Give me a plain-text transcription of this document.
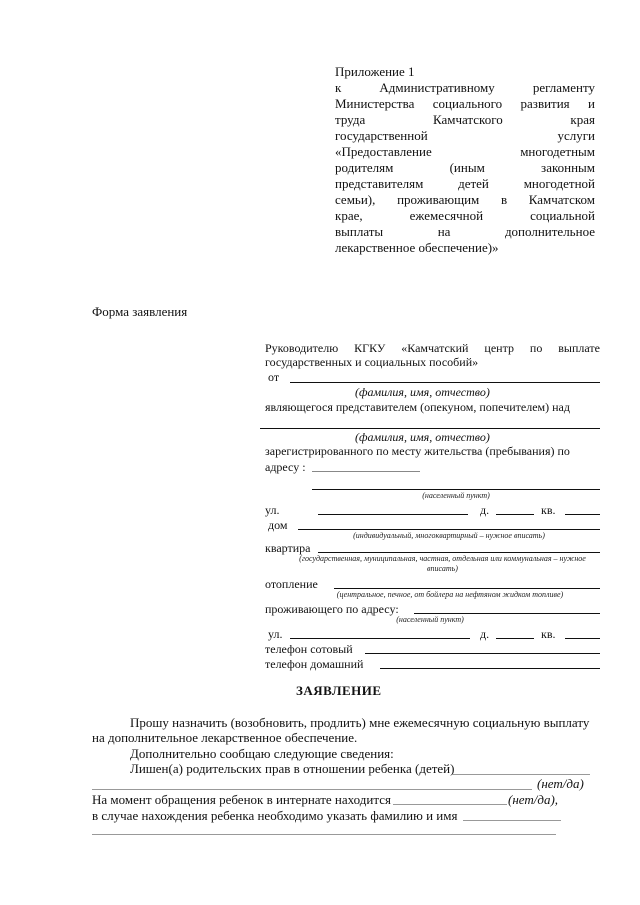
Приложение 1
к Административному регламенту
Министерства социального развития и
труда Камчатского края
государственной услуги
«Предоставление многодетным
родителям (иным законным
представителям детей многодетной
семьи), проживающим в Камчатском
крае, ежемесячной социальной
выплаты на дополнительное
лекарственное обеспечение)»
Форма заявления
Руководителю КГКУ «Камчатский центр по выплате
государственных и социальных пособий»
от
(фамилия, имя, отчество)
являющегося представителем (опекуном, попечителем) над
(фамилия, имя, отчество)
зарегистрированного по месту жительства (пребывания) по
адресу :
(населенный пункт)
ул.	д.	кв.
дом
(индивидуальный, многоквартирный – нужное вписать)
квартира
(государственная, муниципальная, частная, отдельная или коммунальная – нужное вписать)
отопление
(центральное, печное, от бойлера на нефтяном жидком топливе)
проживающего по адресу:
(населенный пункт)
ул.	д.	кв.
телефон сотовый
телефон домашний
ЗАЯВЛЕНИЕ
Прошу назначить (возобновить, продлить) мне ежемесячную социальную выплату
на дополнительное лекарственное обеспечение.
Дополнительно сообщаю следующие сведения:
Лишен(а) родительских прав в отношении ребенка (детей)
(нет/да)
На момент обращения ребенок в интернате находится	(нет/да),
в случае нахождения ребенка необходимо указать фамилию и имя
